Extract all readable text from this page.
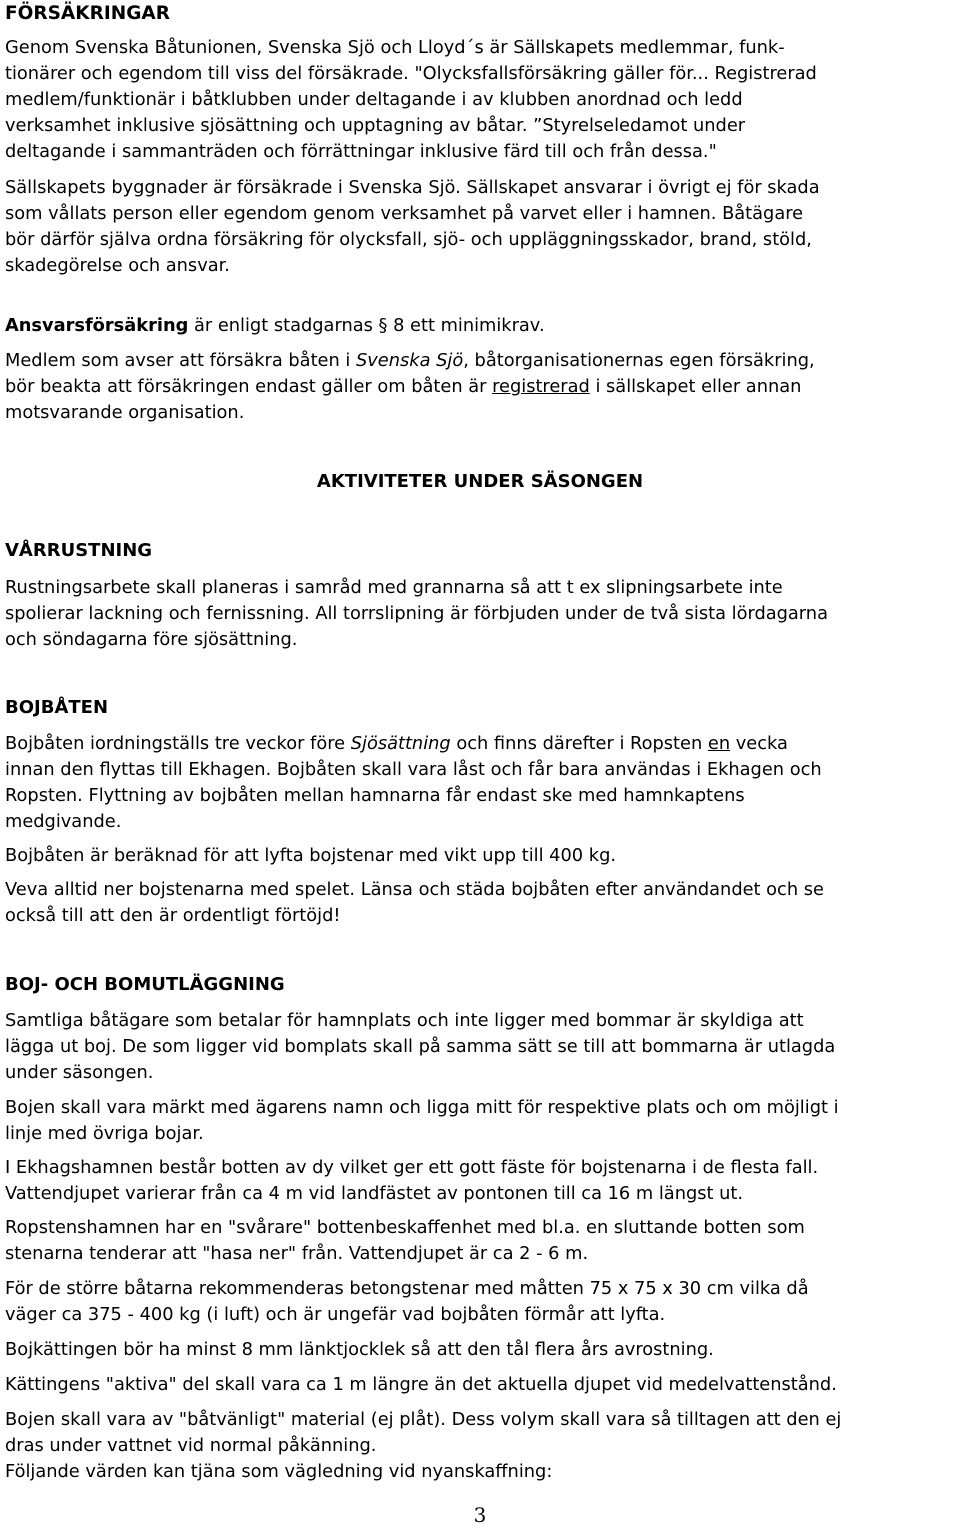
FÖRSÄKRINGAR

Genom Svenska Båtunionen, Svenska Sjö och Lloyd´s är Sällskapets medlemmar, funk-

tionärer och egendom till viss del försäkrade. "Olycksfallsförsäkring gäller för... Registrerad

medlem/funktionär i båtklubben under deltagande i av klubben anordnad och ledd

verksamhet inklusive sjösättning och upptagning av båtar. ”Styrelseledamot under

deltagande i sammanträden och förrättningar inklusive färd till och från dessa."

Sällskapets byggnader är försäkrade i Svenska Sjö. Sällskapet ansvarar i övrigt ej för skada

som vållats person eller egendom genom verksamhet på varvet eller i hamnen. Båtägare

bör därför själva ordna försäkring för olycksfall, sjö- och uppläggningsskador, brand, stöld,

skadegörelse och ansvar.

Ansvarsförsäkring är enligt stadgarnas § 8 ett minimikrav.

Medlem som avser att försäkra båten i Svenska Sjö, båtorganisationernas egen försäkring,

bör beakta att försäkringen endast gäller om båten är registrerad i sällskapet eller annan

motsvarande organisation.

AKTIVITETER UNDER SÄSONGEN
VÅRRUSTNING

Rustningsarbete skall planeras i samråd med grannarna så att t ex slipningsarbete inte

spolierar lackning och fernissning. All torrslipning är förbjuden under de två sista lördagarna

och söndagarna före sjösättning.

BOJBÅTEN

Bojbåten iordningställs tre veckor före Sjösättning och finns därefter i Ropsten en vecka

innan den flyttas till Ekhagen. Bojbåten skall vara låst och får bara användas i Ekhagen och

Ropsten. Flyttning av bojbåten mellan hamnarna får endast ske med hamnkaptens

medgivande.

Bojbåten är beräknad för att lyfta bojstenar med vikt upp till 400 kg.

Veva alltid ner bojstenarna med spelet. Länsa och städa bojbåten efter användandet och se

också till att den är ordentligt förtöjd!

BOJ- OCH BOMUTLÄGGNING

Samtliga båtägare som betalar för hamnplats och inte ligger med bommar är skyldiga att

lägga ut boj. De som ligger vid bomplats skall på samma sätt se till att bommarna är utlagda

under säsongen.

Bojen skall vara märkt med ägarens namn och ligga mitt för respektive plats och om möjligt i

linje med övriga bojar.

I Ekhagshamnen består botten av dy vilket ger ett gott fäste för bojstenarna i de flesta fall.

Vattendjupet varierar från ca 4 m vid landfästet av pontonen till ca 16 m längst ut.

Ropstenshamnen har en "svårare" bottenbeskaffenhet med bl.a. en sluttande botten som

stenarna tenderar att "hasa ner" från. Vattendjupet är ca 2 - 6 m.

För de större båtarna rekommenderas betongstenar med måtten 75 x 75 x 30 cm vilka då

väger ca 375 - 400 kg (i luft) och är ungefär vad bojbåten förmår att lyfta.

Bojkättingen bör ha minst 8 mm länktjocklek så att den tål flera års avrostning.

Kättingens "aktiva" del skall vara ca 1 m längre än det aktuella djupet vid medelvattenstånd.

Bojen skall vara av "båtvänligt" material (ej plåt). Dess volym skall vara så tilltagen att den ej

dras under vattnet vid normal påkänning.

Följande värden kan tjäna som vägledning vid nyanskaffning:

3
